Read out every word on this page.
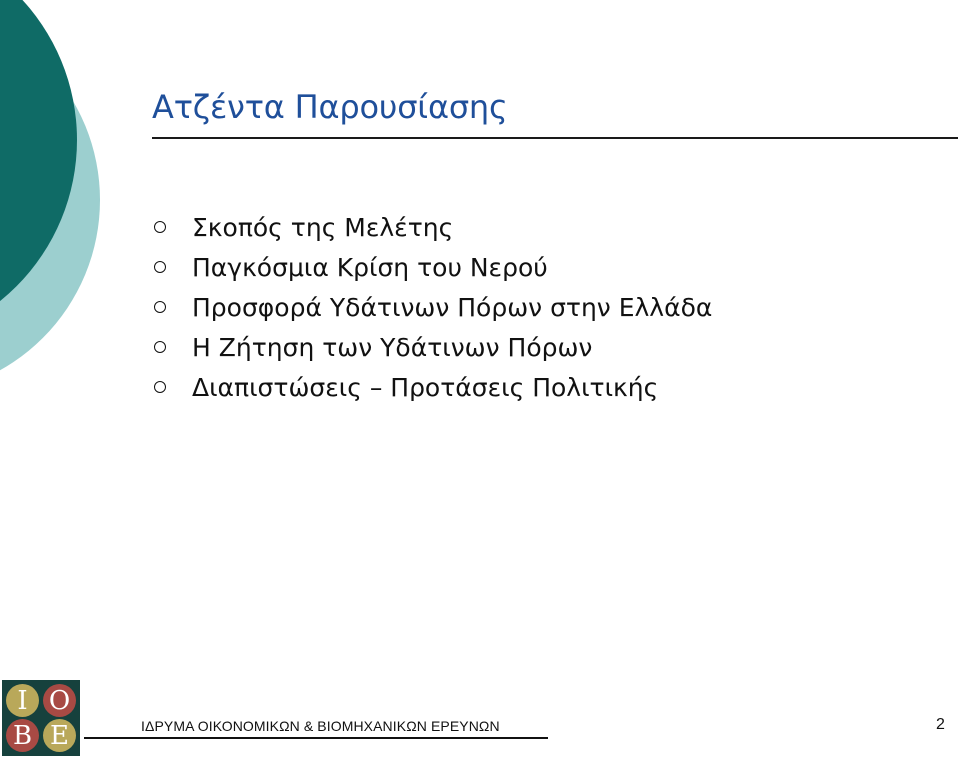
Ατζέντα Παρουσίασης
Σκοπός της Μελέτης
Παγκόσμια Κρίση του Νερού
Προσφορά Υδάτινων Πόρων στην Ελλάδα
Η Ζήτηση των Υδάτινων Πόρων
Διαπιστώσεις – Προτάσεις Πολιτικής
Ι Ο
Β Ε	ΙΔΡΥΜΑ ΟΙΚΟΝΟΜΙΚΩΝ & ΒΙΟΜΗΧΑΝΙΚΩΝ ΕΡΕΥΝΩΝ	2
